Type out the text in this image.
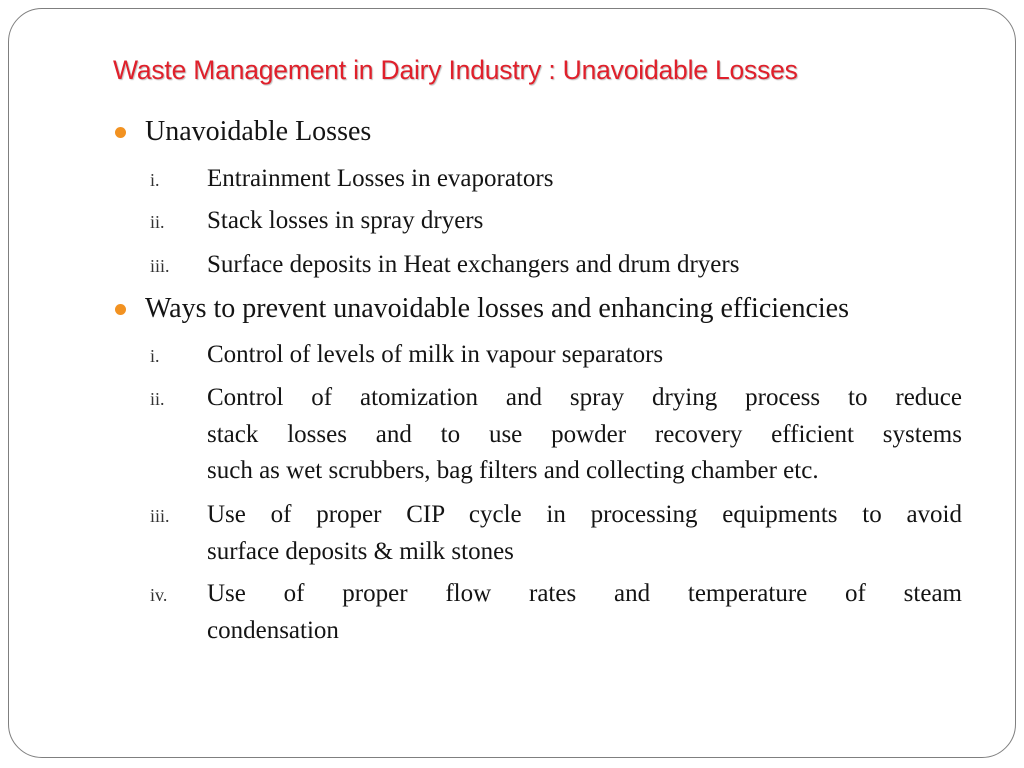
Waste Management in Dairy Industry : Unavoidable Losses
Unavoidable Losses
i. Entrainment Losses in evaporators
ii. Stack losses in spray dryers
iii. Surface deposits in Heat exchangers and drum dryers
Ways to prevent unavoidable losses and enhancing efficiencies
i. Control of levels of milk in vapour separators
ii. Control of atomization and spray drying process to reduce
stack losses and to use powder recovery efficient systems
such as wet scrubbers, bag filters and collecting chamber etc.
iii. Use of proper CIP cycle in processing equipments to avoid
surface deposits & milk stones
iv. Use of proper flow rates and temperature of steam
condensation
